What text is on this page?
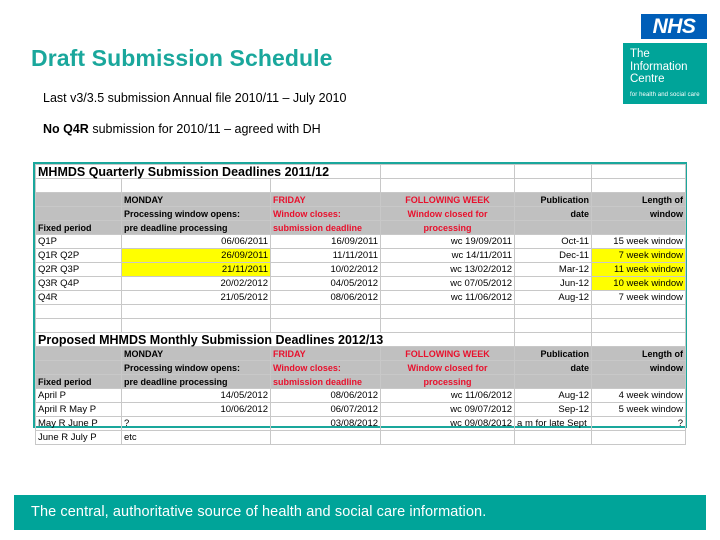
NHS
The
Information
Centre
for health and social care
Draft Submission Schedule
Last v3/3.5 submission Annual file 2010/11 – July 2010
No Q4R submission for 2010/11 – agreed with DH
MHMDS Quarterly Submission Deadlines 2011/12					

	MONDAY	FRIDAY	FOLLOWING WEEK	Publication	Length of
	Processing window opens:	Window closes:	Window closed for	date	window
Fixed period	pre deadline processing	submission deadline	processing		
Q1P	06/06/2011	16/09/2011	wc 19/09/2011	Oct-11	15 week window
Q1R Q2P	26/09/2011	11/11/2011	wc 14/11/2011	Dec-11	7 week window
Q2R Q3P	21/11/2011	10/02/2012	wc 13/02/2012	Mar-12	11 week window
Q3R Q4P	20/02/2012	04/05/2012	wc 07/05/2012	Jun-12	10 week window
Q4R	21/05/2012	08/06/2012	wc 11/06/2012	Aug-12	7 week window

Proposed MHMDS Monthly Submission Deadlines 2012/13					
	MONDAY	FRIDAY	FOLLOWING WEEK	Publication	Length of
	Processing window opens:	Window closes:	Window closed for	date	window
Fixed period	pre deadline processing	submission deadline	processing		
April P	14/05/2012	08/06/2012	wc 11/06/2012	Aug-12	4 week window
April R May P	10/06/2012	06/07/2012	wc 09/07/2012	Sep-12	5 week window
May R June P	?	03/08/2012	wc 09/08/2012	a m for late Sept	?
June R July P	etc				
The central, authoritative source of health and social care information.
